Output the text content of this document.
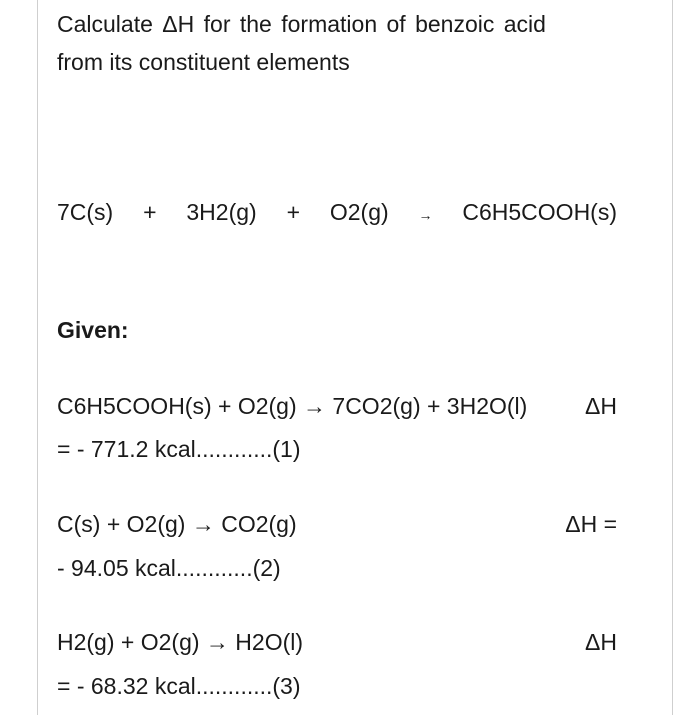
Calculate ΔH for the formation of benzoic acid
from its constituent elements
7C(s) + 3H2(g) + O2(g) → C6H5COOH(s)
Given:
C6H5COOH(s) + O2(g) → 7CO2(g) + 3H2O(l)	ΔH
= - 771.2 kcal............(1)
C(s) + O2(g) → CO2(g)	ΔH =
- 94.05 kcal............(2)
H2(g) + O2(g) → H2O(l)	ΔH
= - 68.32 kcal............(3)
